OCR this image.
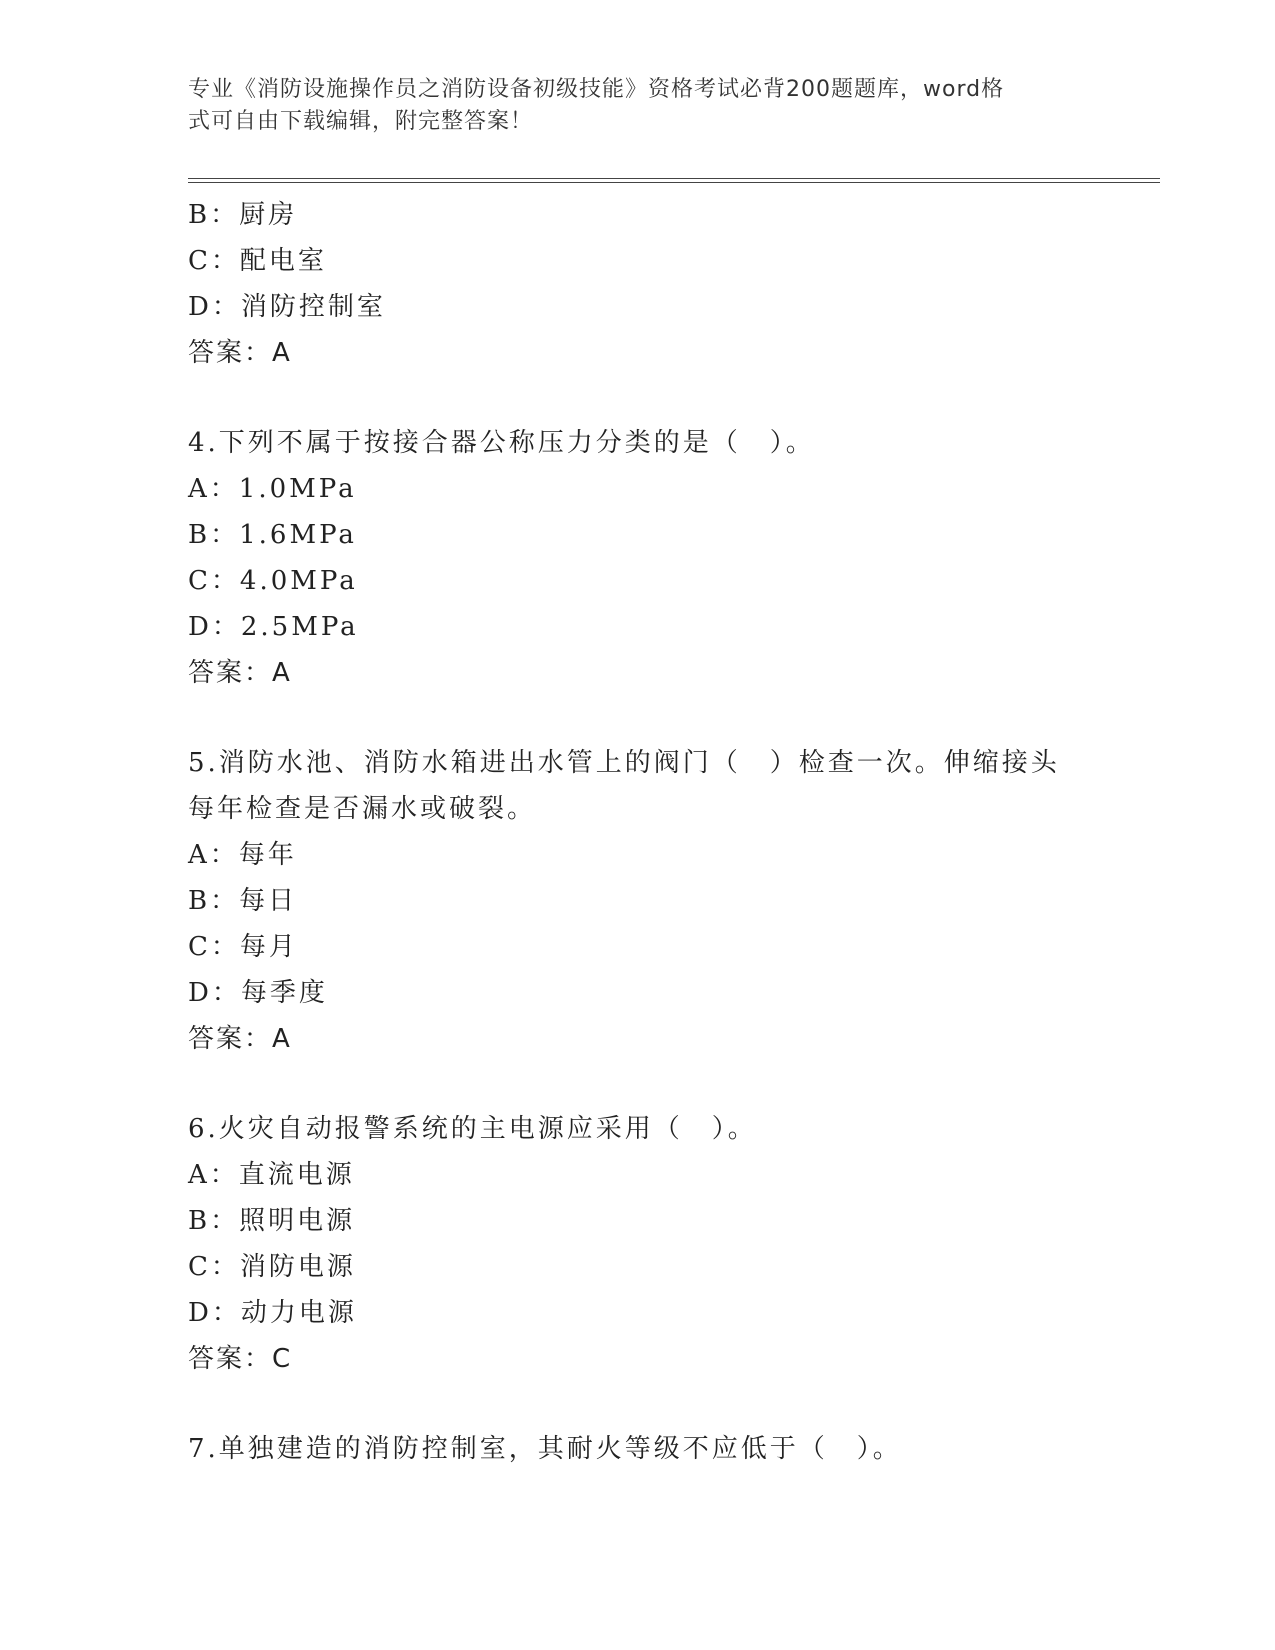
专业《消防设施操作员之消防设备初级技能》资格考试必背200题题库，word格
式可自由下载编辑，附完整答案！
B：厨房
C：配电室
D：消防控制室
答案：A
4.下列不属于按接合器公称压力分类的是（　）。
A：1.0MPa
B：1.6MPa
C：4.0MPa
D：2.5MPa
答案：A
5.消防水池、消防水箱进出水管上的阀门（　）检查一次。伸缩接头
每年检查是否漏水或破裂。
A：每年
B：每日
C：每月
D：每季度
答案：A
6.火灾自动报警系统的主电源应采用（　）。
A：直流电源
B：照明电源
C：消防电源
D：动力电源
答案：C
7.单独建造的消防控制室，其耐火等级不应低于（　）。
